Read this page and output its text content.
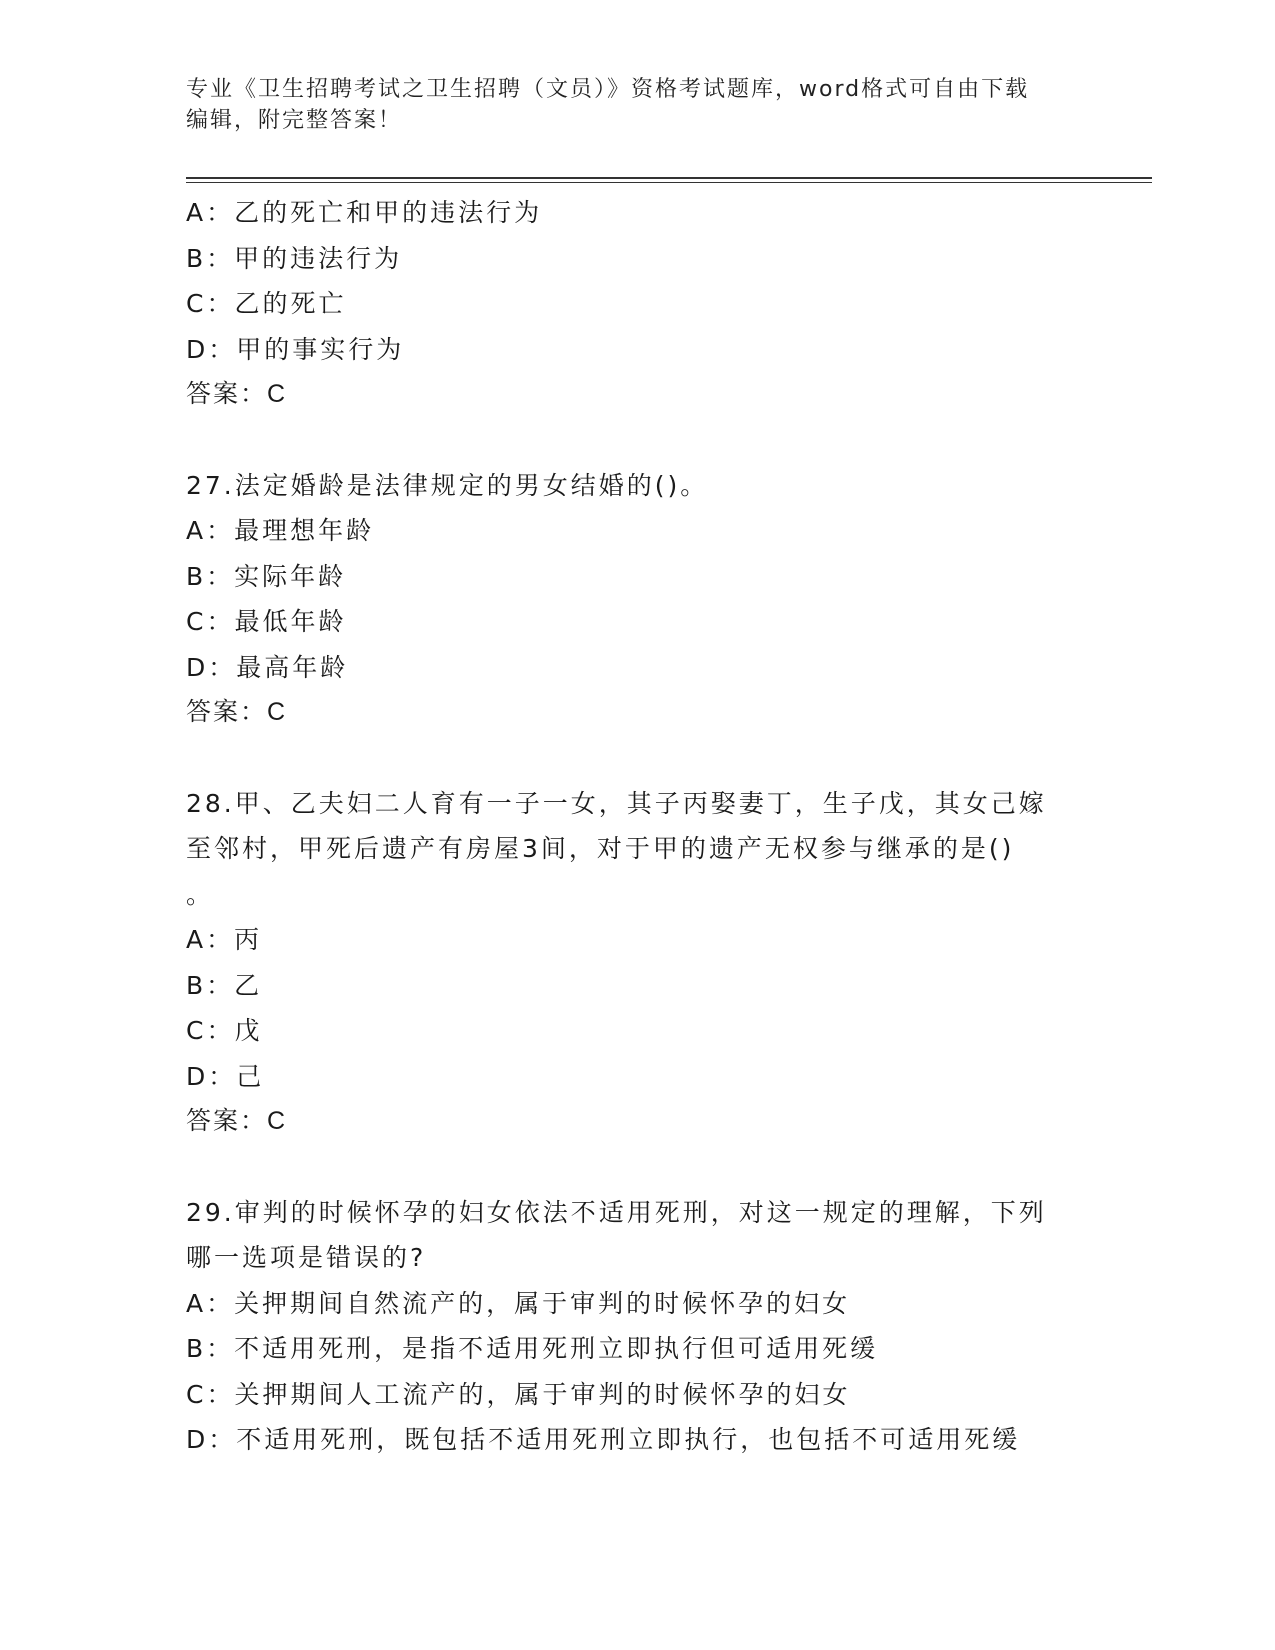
专业《卫生招聘考试之卫生招聘（文员）》资格考试题库，word格式可自由下载
编辑，附完整答案！
A：乙的死亡和甲的违法行为
B：甲的违法行为
C：乙的死亡
D：甲的事实行为
答案：C
27.法定婚龄是法律规定的男女结婚的()。
A：最理想年龄
B：实际年龄
C：最低年龄
D：最高年龄
答案：C
28.甲、乙夫妇二人育有一子一女，其子丙娶妻丁，生子戊，其女己嫁
至邻村，甲死后遗产有房屋3间，对于甲的遗产无权参与继承的是()
。
A：丙
B：乙
C：戊
D：己
答案：C
29.审判的时候怀孕的妇女依法不适用死刑，对这一规定的理解，下列
哪一选项是错误的?
A：关押期间自然流产的，属于审判的时候怀孕的妇女
B：不适用死刑，是指不适用死刑立即执行但可适用死缓
C：关押期间人工流产的，属于审判的时候怀孕的妇女
D：不适用死刑，既包括不适用死刑立即执行，也包括不可适用死缓
